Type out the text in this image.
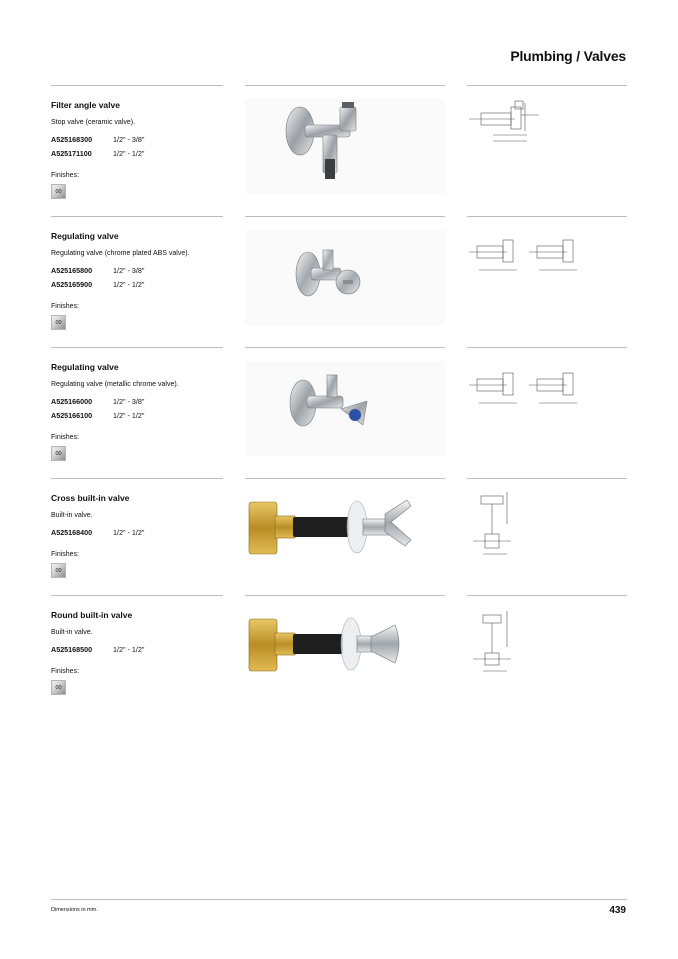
Plumbing / Valves
Filter angle valve
Stop valve (ceramic valve).
A525168300	1/2" - 3/8"
A525171100	1/2" - 1/2"
Finishes:
00
Regulating valve
Regulating valve (chrome plated ABS valve).
A525165800	1/2" - 3/8"
A525165900	1/2" - 1/2"
Finishes:
00
Regulating valve
Regulating valve (metallic chrome valve).
A525166000	1/2" - 3/8"
A525166100	1/2" - 1/2"
Finishes:
00
Cross built-in valve
Built-in valve.
A525168400	1/2" - 1/2"
Finishes:
00
Round built-in valve
Built-in valve.
A525168500	1/2" - 1/2"
Finishes:
00
Dimensions in mm.	439
